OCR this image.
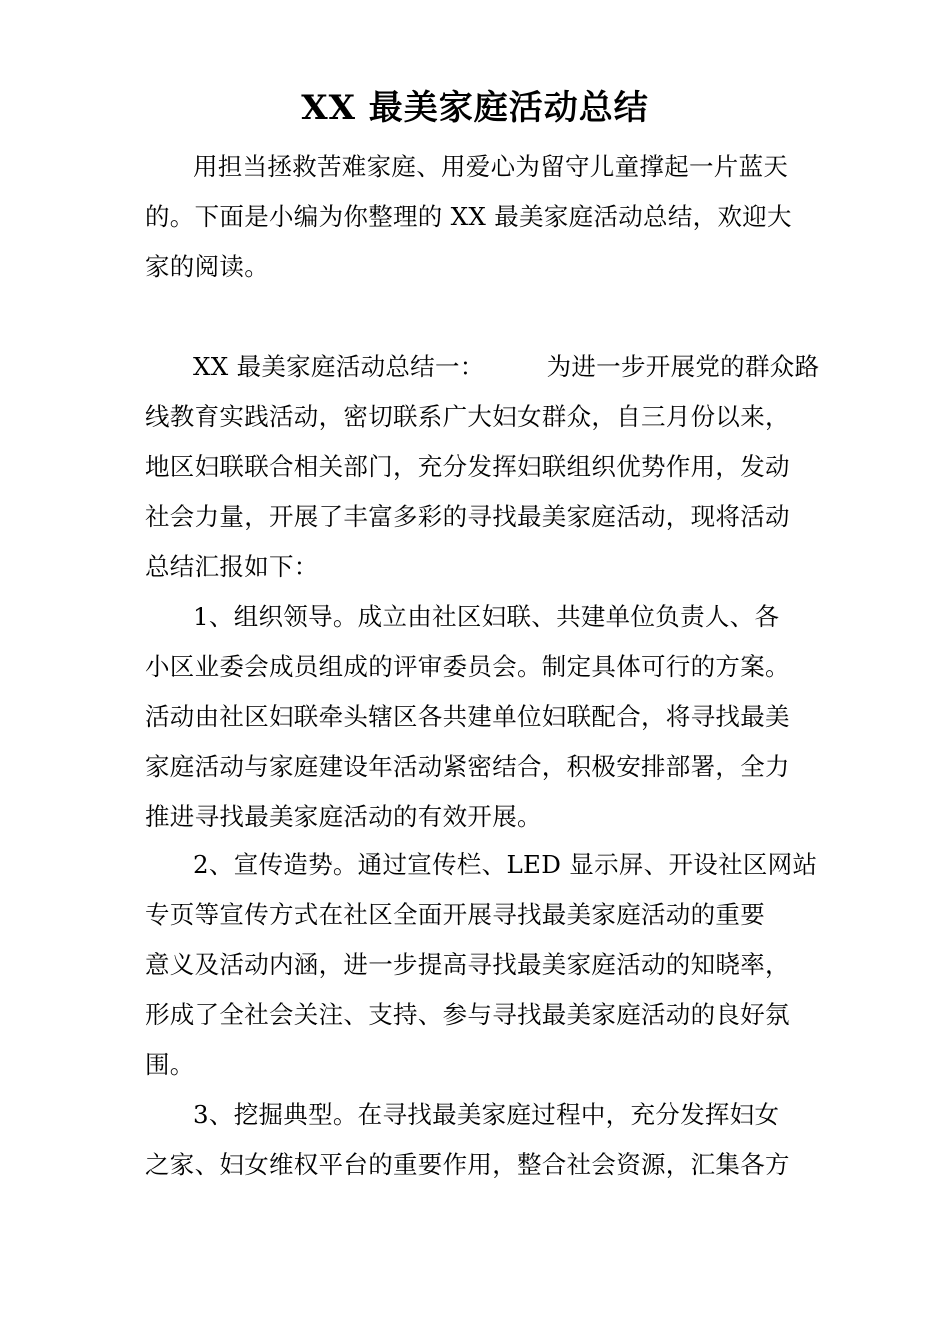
XX 最美家庭活动总结
用担当拯救苦难家庭、用爱心为留守儿童撑起一片蓝天
的。下面是小编为你整理的 XX 最美家庭活动总结，欢迎大
家的阅读。
XX 最美家庭活动总结一：	为进一步开展党的群众路
线教育实践活动，密切联系广大妇女群众，自三月份以来，
地区妇联联合相关部门，充分发挥妇联组织优势作用，发动
社会力量，开展了丰富多彩的寻找最美家庭活动，现将活动
总结汇报如下：
1、组织领导。成立由社区妇联、共建单位负责人、各
小区业委会成员组成的评审委员会。制定具体可行的方案。
活动由社区妇联牵头辖区各共建单位妇联配合，将寻找最美
家庭活动与家庭建设年活动紧密结合，积极安排部署，全力
推进寻找最美家庭活动的有效开展。
2、宣传造势。通过宣传栏、LED 显示屏、开设社区网站
专页等宣传方式在社区全面开展寻找最美家庭活动的重要
意义及活动内涵，进一步提高寻找最美家庭活动的知晓率，
形成了全社会关注、支持、参与寻找最美家庭活动的良好氛
围。
3、挖掘典型。在寻找最美家庭过程中，充分发挥妇女
之家、妇女维权平台的重要作用，整合社会资源，汇集各方
